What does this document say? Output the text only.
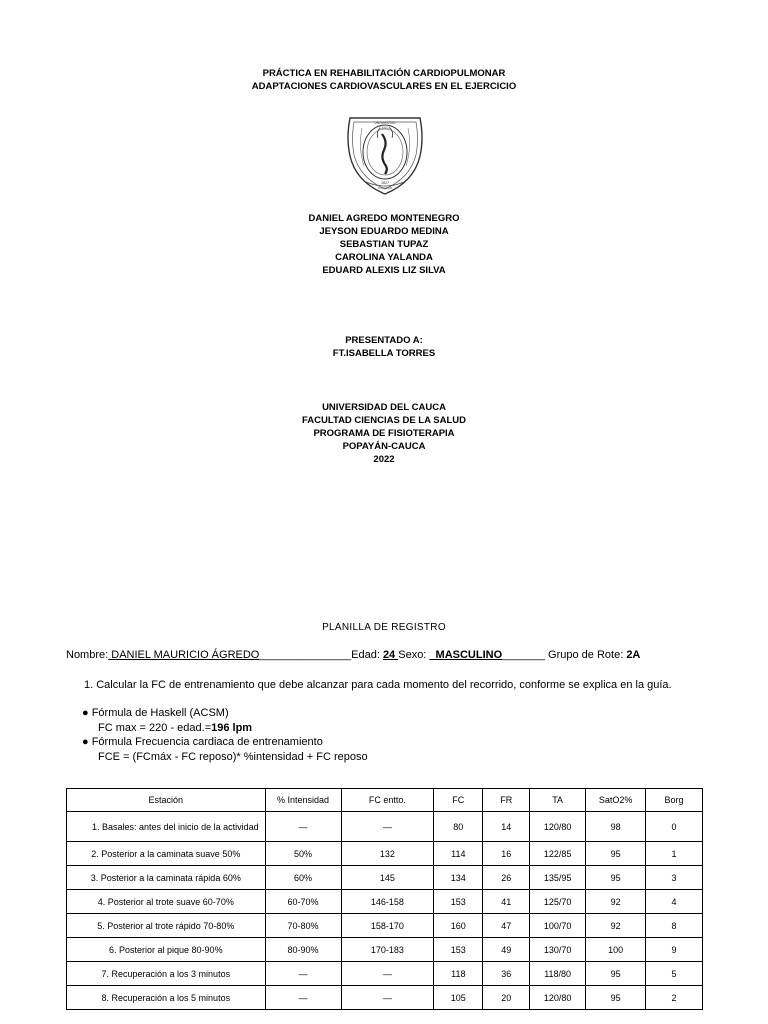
PRÁCTICA EN REHABILITACIÓN CARDIOPULMONAR
ADAPTACIONES CARDIOVASCULARES EN EL EJERCICIO
UNIVERSITAS
CAUCA
1827
POPAYÁN
DANIEL AGREDO MONTENEGRO
JEYSON EDUARDO MEDINA
SEBASTIAN TUPAZ
CAROLINA YALANDA
EDUARD ALEXIS LIZ SILVA
PRESENTADO A:
FT.ISABELLA TORRES
UNIVERSIDAD DEL CAUCA
FACULTAD CIENCIAS DE LA SALUD
PROGRAMA DE FISIOTERAPIA
POPAYÁN-CAUCA
2022
PLANILLA DE REGISTRO
Nombre: DANIEL MAURICIO ÁGREDO_______________Edad: 24 Sexo: _MASCULINO_______ Grupo de Rote: 2A
1. Calcular la FC de entrenamiento que debe alcanzar para cada momento del recorrido, conforme se explica en la guía.
● Fórmula de Haskell (ACSM)
FC max = 220 - edad.=196 lpm
● Fórmula Frecuencia cardiaca de entrenamiento
FCE = (FCmáx - FC reposo)* %intensidad + FC reposo
Estación	% Intensidad	FC entto.	FC	FR	TA	SatO2%	Borg
1. Basales: antes del inicio de la actividad	—	—	80	14	120/80	98	0
2. Posterior a la caminata suave 50%	50%	132	114	16	122/85	95	1
3. Posterior a la caminata rápida 60%	60%	145	134	26	135/95	95	3
4. Posterior al trote suave 60-70%	60-70%	146-158	153	41	125/70	92	4
5. Posterior al trote rápido 70-80%	70-80%	158-170	160	47	100/70	92	8
6. Posterior al pique 80-90%	80-90%	170-183	153	49	130/70	100	9
7. Recuperación a los 3 minutos	—	—	118	36	118/80	95	5
8. Recuperación a los 5 minutos	—	—	105	20	120/80	95	2
